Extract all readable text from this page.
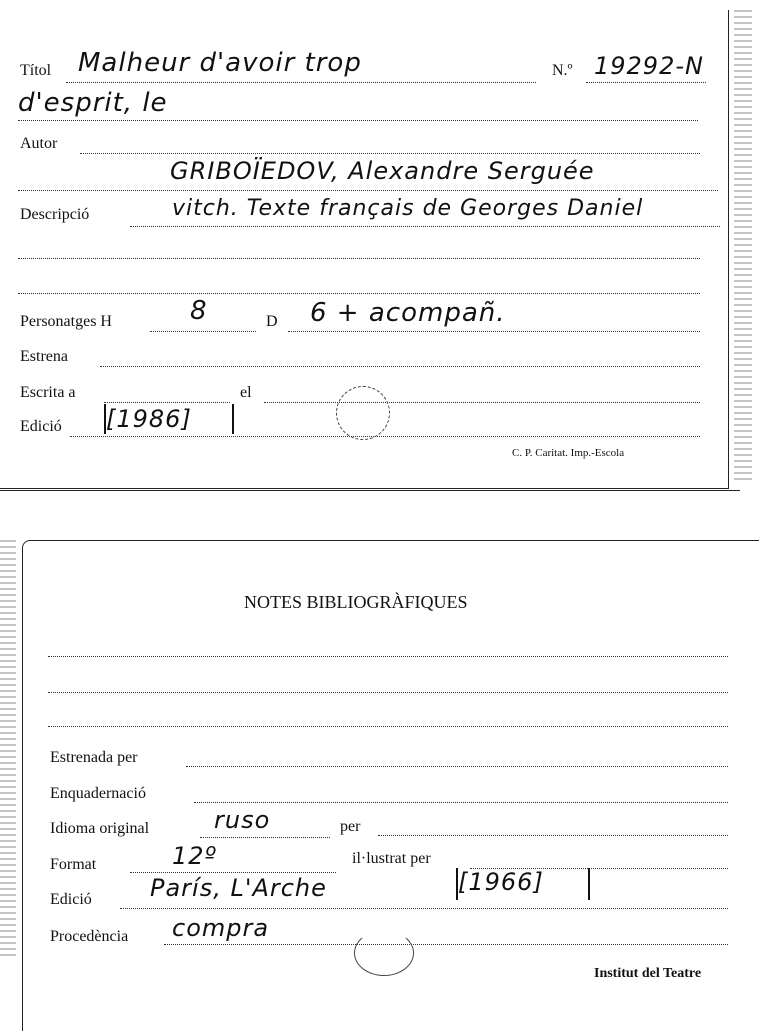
Títol Malheur d'avoir trop	N.º 19292-N
d'esprit, le
Autor
GRIBOÏEDOV, Alexandre Serguée
Descripció	vitch. Texte français de Georges Daniel
Personatges H	8	D 6 + acompañ.
Estrena
Escrita a	el
Edició [1986]
C. P. Caritat. Imp.-Escola
NOTES BIBLIOGRÀFIQUES
Estrenada per
Enquadernació
Idioma original	ruso	per
Format	12º	il·lustrat per
Edició París, L'Arche	[1966]
Procedència compra
Institut del Teatre
